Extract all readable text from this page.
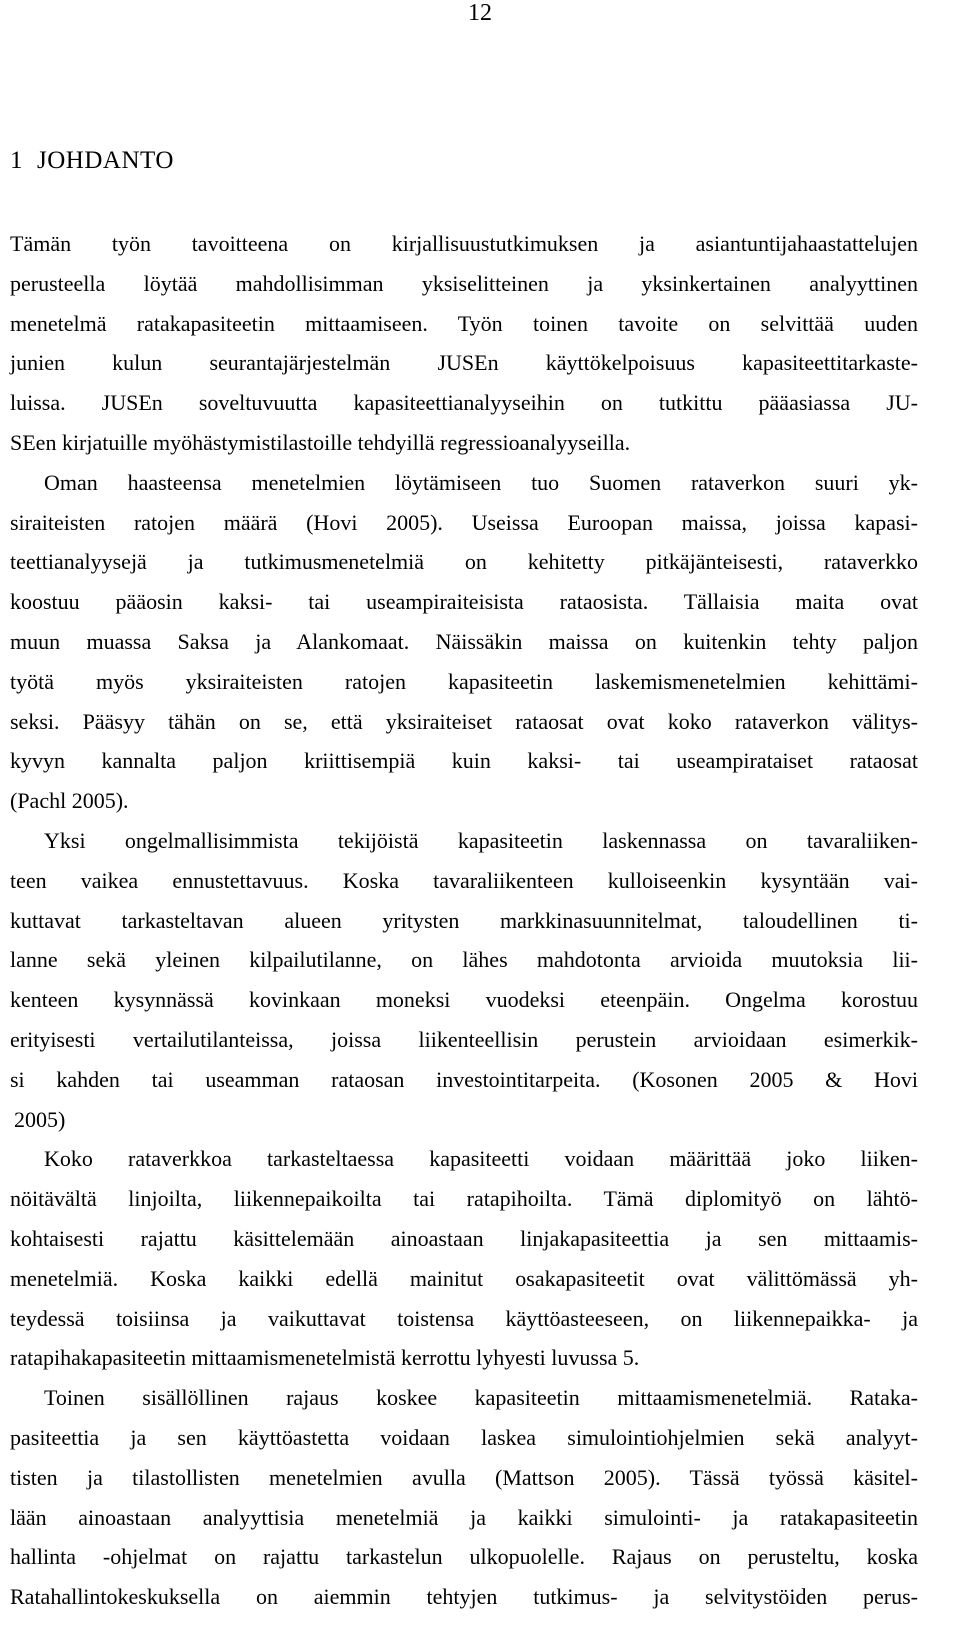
12
1 JOHDANTO
Tämän työn tavoitteena on kirjallisuustutkimuksen ja asiantuntijahaastattelujen
perusteella löytää mahdollisimman yksiselitteinen ja yksinkertainen analyyttinen
menetelmä ratakapasiteetin mittaamiseen. Työn toinen tavoite on selvittää uuden
junien kulun seurantajärjestelmän JUSEn käyttökelpoisuus kapasiteettitarkaste-
luissa. JUSEn soveltuvuutta kapasiteettianalyyseihin on tutkittu pääasiassa JU-
SEen kirjatuille myöhästymistilastoille tehdyillä regressioanalyyseilla.
Oman haasteensa menetelmien löytämiseen tuo Suomen rataverkon suuri yk-
siraiteisten ratojen määrä (Hovi 2005). Useissa Euroopan maissa, joissa kapasi-
teettianalyysejä ja tutkimusmenetelmiä on kehitetty pitkäjänteisesti, rataverkko
koostuu pääosin kaksi- tai useampiraiteisista rataosista. Tällaisia maita ovat
muun muassa Saksa ja Alankomaat. Näissäkin maissa on kuitenkin tehty paljon
työtä myös yksiraiteisten ratojen kapasiteetin laskemismenetelmien kehittämi-
seksi. Pääsyy tähän on se, että yksiraiteiset rataosat ovat koko rataverkon välitys-
kyvyn kannalta paljon kriittisempiä kuin kaksi- tai useampirataiset rataosat
(Pachl 2005).
Yksi ongelmallisimmista tekijöistä kapasiteetin laskennassa on tavaraliiken-
teen vaikea ennustettavuus. Koska tavaraliikenteen kulloiseenkin kysyntään vai-
kuttavat tarkasteltavan alueen yritysten markkinasuunnitelmat, taloudellinen ti-
lanne sekä yleinen kilpailutilanne, on lähes mahdotonta arvioida muutoksia lii-
kenteen kysynnässä kovinkaan moneksi vuodeksi eteenpäin. Ongelma korostuu
erityisesti vertailutilanteissa, joissa liikenteellisin perustein arvioidaan esimerkik-
si kahden tai useamman rataosan investointitarpeita. (Kosonen 2005 & Hovi
2005)
Koko rataverkkoa tarkasteltaessa kapasiteetti voidaan määrittää joko liiken-
nöitävältä linjoilta, liikennepaikoilta tai ratapihoilta. Tämä diplomityö on lähtö-
kohtaisesti rajattu käsittelemään ainoastaan linjakapasiteettia ja sen mittaamis-
menetelmiä. Koska kaikki edellä mainitut osakapasiteetit ovat välittömässä yh-
teydessä toisiinsa ja vaikuttavat toistensa käyttöasteeseen, on liikennepaikka- ja
ratapihakapasiteetin mittaamismenetelmistä kerrottu lyhyesti luvussa 5.
Toinen sisällöllinen rajaus koskee kapasiteetin mittaamismenetelmiä. Rataka-
pasiteettia ja sen käyttöastetta voidaan laskea simulointiohjelmien sekä analyyt-
tisten ja tilastollisten menetelmien avulla (Mattson 2005). Tässä työssä käsitel-
lään ainoastaan analyyttisia menetelmiä ja kaikki simulointi- ja ratakapasiteetin
hallinta -ohjelmat on rajattu tarkastelun ulkopuolelle. Rajaus on perusteltu, koska
Ratahallintokeskuksella on aiemmin tehtyjen tutkimus- ja selvitystöiden perus-
